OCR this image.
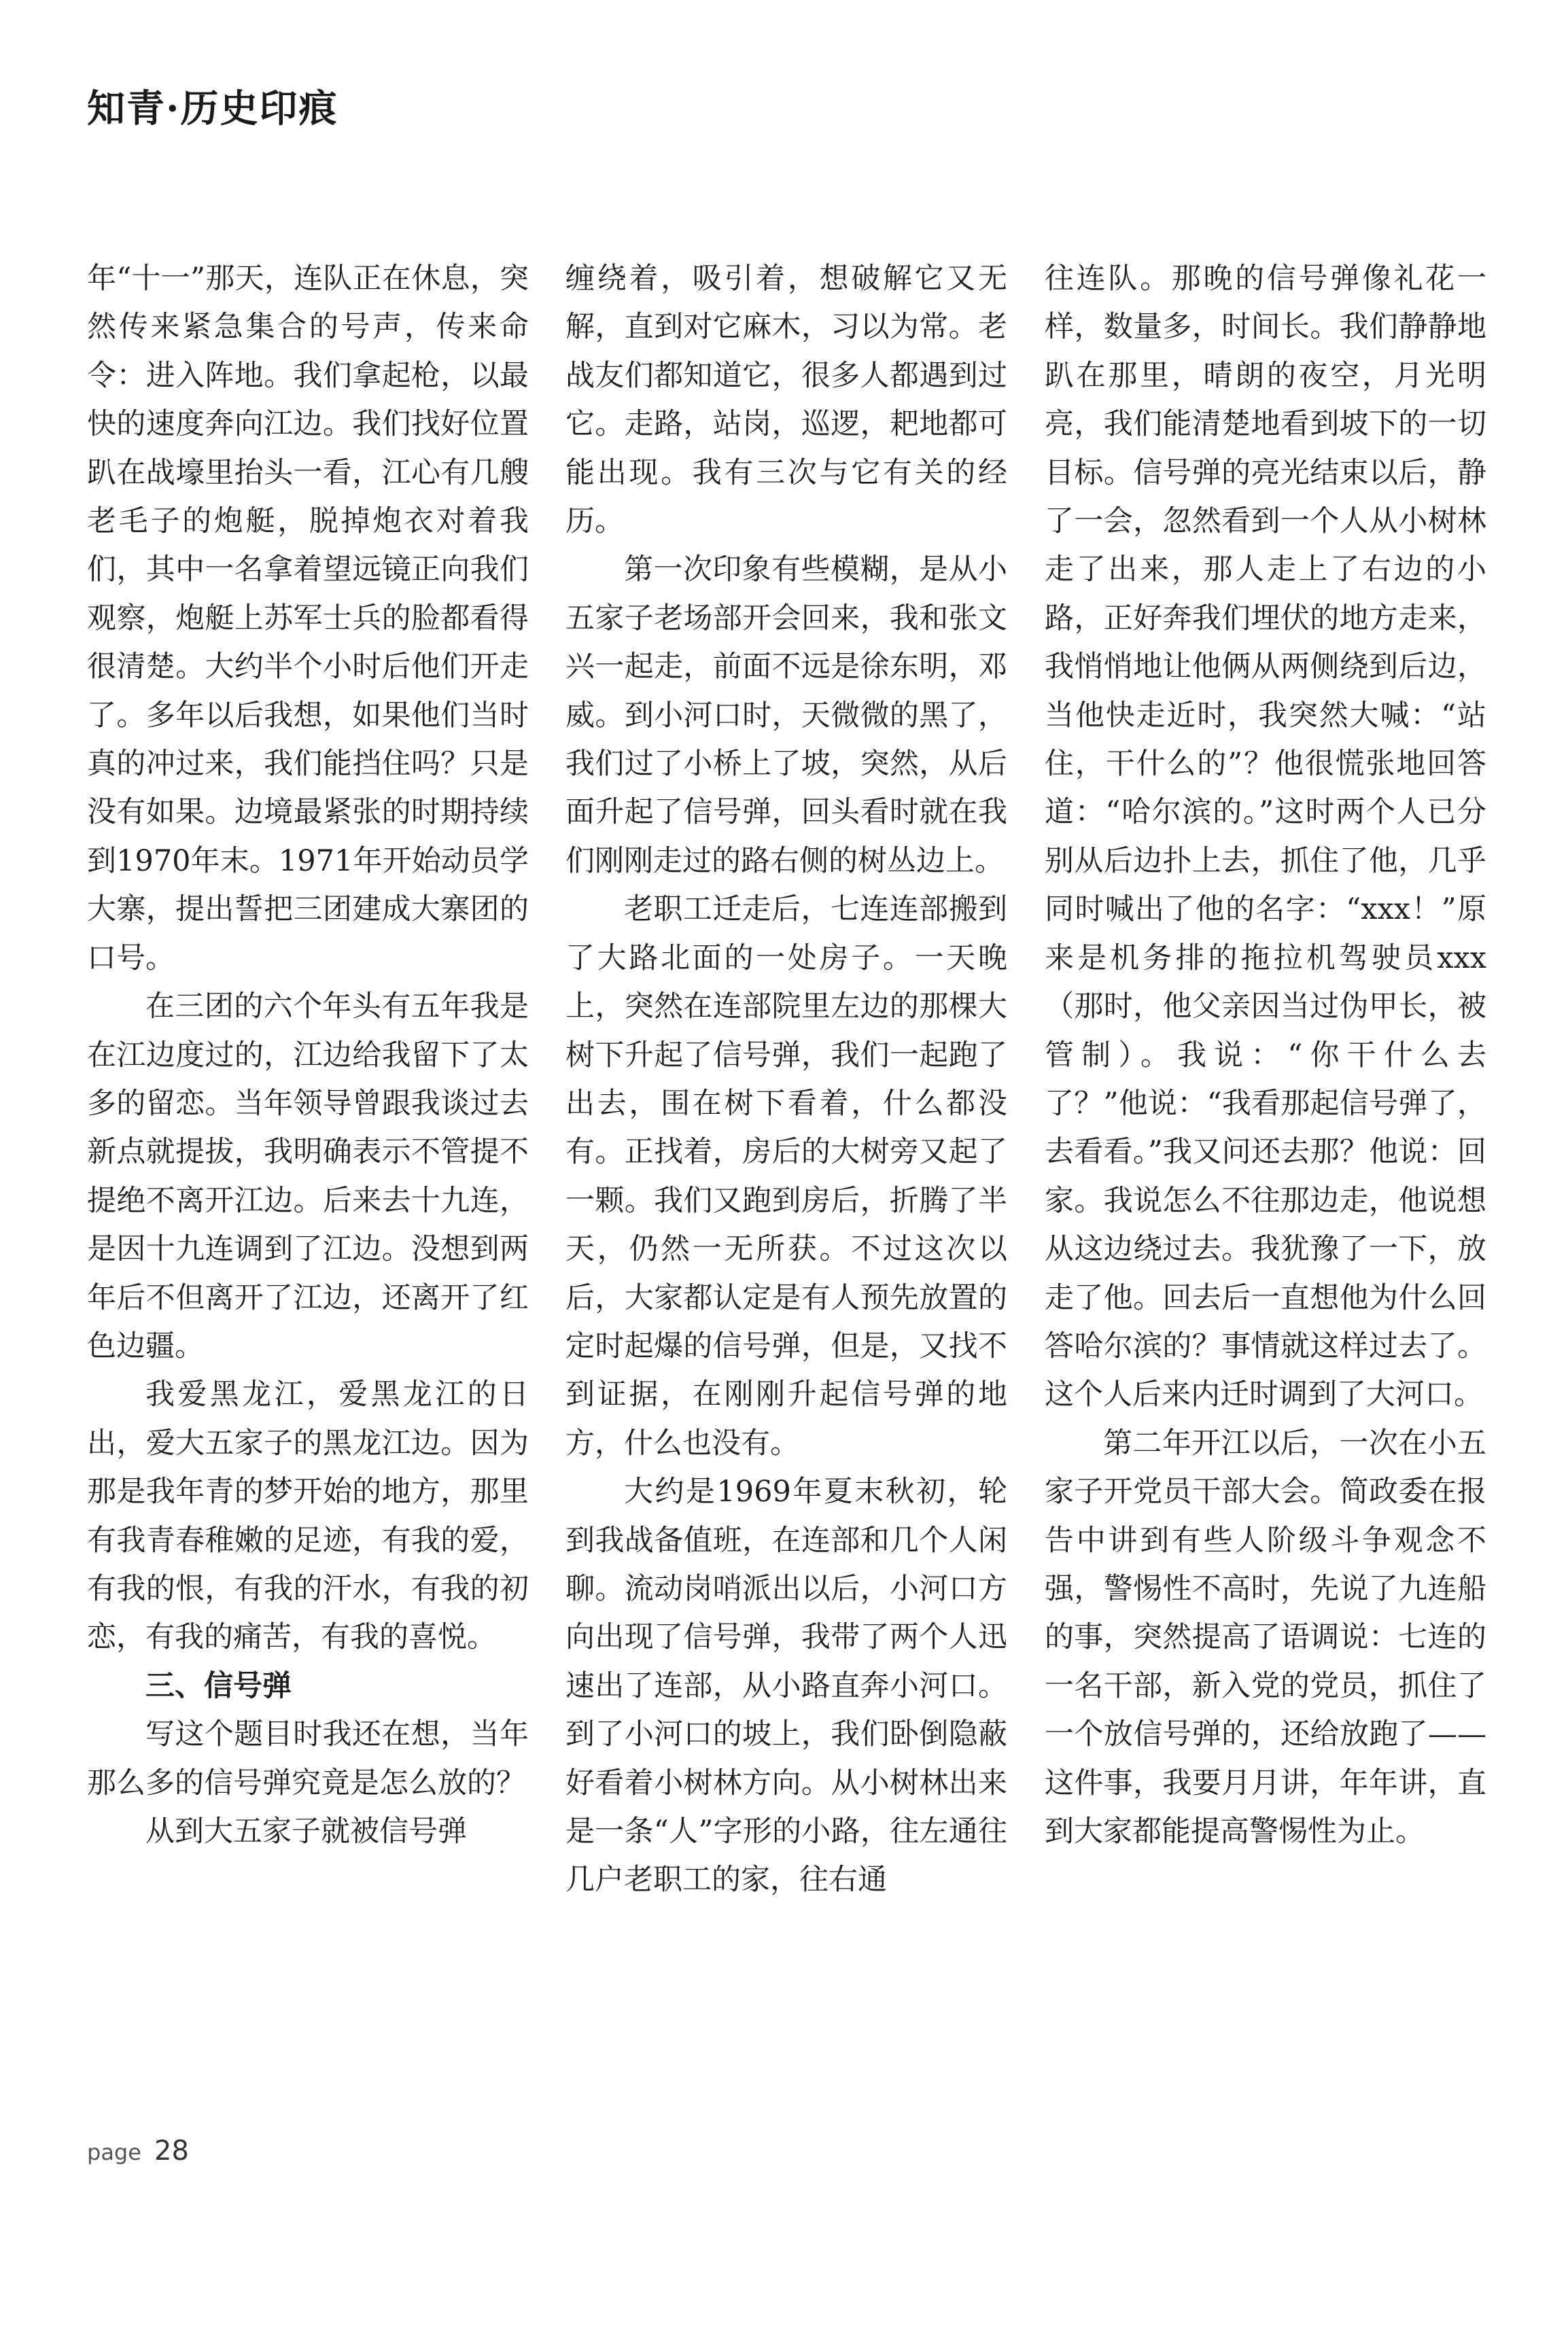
知青·历史印痕

年“十一”那天，连队正在休息，突然传来紧急集合的号声，传来命令：进入阵地。我们拿起枪，以最快的速度奔向江边。我们找好位置趴在战壕里抬头一看，江心有几艘老毛子的炮艇，脱掉炮衣对着我们，其中一名拿着望远镜正向我们观察，炮艇上苏军士兵的脸都看得很清楚。大约半个小时后他们开走了。多年以后我想，如果他们当时真的冲过来，我们能挡住吗？只是没有如果。边境最紧张的时期持续到1970年末。1971年开始动员学大寨，提出誓把三团建成大寨团的口号。

在三团的六个年头有五年我是在江边度过的，江边给我留下了太多的留恋。当年领导曾跟我谈过去新点就提拔，我明确表示不管提不提绝不离开江边。后来去十九连，是因十九连调到了江边。没想到两年后不但离开了江边，还离开了红色边疆。

我爱黑龙江，爱黑龙江的日出，爱大五家子的黑龙江边。因为那是我年青的梦开始的地方，那里有我青春稚嫩的足迹，有我的爱，有我的恨，有我的汗水，有我的初恋，有我的痛苦，有我的喜悦。

三、信号弹

写这个题目时我还在想，当年那么多的信号弹究竟是怎么放的？

从到大五家子就被信号弹

缠绕着，吸引着，想破解它又无解，直到对它麻木，习以为常。老战友们都知道它，很多人都遇到过它。走路，站岗，巡逻，耙地都可能出现。我有三次与它有关的经历。

第一次印象有些模糊，是从小五家子老场部开会回来，我和张文兴一起走，前面不远是徐东明，邓威。到小河口时，天微微的黑了，我们过了小桥上了坡，突然，从后面升起了信号弹，回头看时就在我们刚刚走过的路右侧的树丛边上。

老职工迁走后，七连连部搬到了大路北面的一处房子。一天晚上，突然在连部院里左边的那棵大树下升起了信号弹，我们一起跑了出去，围在树下看着，什么都没有。正找着，房后的大树旁又起了一颗。我们又跑到房后，折腾了半天，仍然一无所获。不过这次以后，大家都认定是有人预先放置的定时起爆的信号弹，但是，又找不到证据，在刚刚升起信号弹的地方，什么也没有。

大约是1969年夏末秋初，轮到我战备值班，在连部和几个人闲聊。流动岗哨派出以后，小河口方向出现了信号弹，我带了两个人迅速出了连部，从小路直奔小河口。到了小河口的坡上，我们卧倒隐蔽好看着小树林方向。从小树林出来是一条“人”字形的小路，往左通往几户老职工的家，往右通

往连队。那晚的信号弹像礼花一样，数量多，时间长。我们静静地趴在那里，晴朗的夜空，月光明亮，我们能清楚地看到坡下的一切目标。信号弹的亮光结束以后，静了一会，忽然看到一个人从小树林走了出来，那人走上了右边的小路，正好奔我们埋伏的地方走来，我悄悄地让他俩从两侧绕到后边，当他快走近时，我突然大喊：“站住，干什么的”？他很慌张地回答道：“哈尔滨的。”这时两个人已分别从后边扑上去，抓住了他，几乎同时喊出了他的名字：“xxx！”原来是机务排的拖拉机驾驶员xxx（那时，他父亲因当过伪甲长，被管制）。我说：“你干什么去了？”他说：“我看那起信号弹了，去看看。”我又问还去那？他说：回家。我说怎么不往那边走，他说想从这边绕过去。我犹豫了一下，放走了他。回去后一直想他为什么回答哈尔滨的？事情就这样过去了。这个人后来内迁时调到了大河口。

第二年开江以后，一次在小五家子开党员干部大会。简政委在报告中讲到有些人阶级斗争观念不强，警惕性不高时，先说了九连船的事，突然提高了语调说：七连的一名干部，新入党的党员，抓住了一个放信号弹的，还给放跑了——这件事，我要月月讲，年年讲，直到大家都能提高警惕性为止。

page 28
